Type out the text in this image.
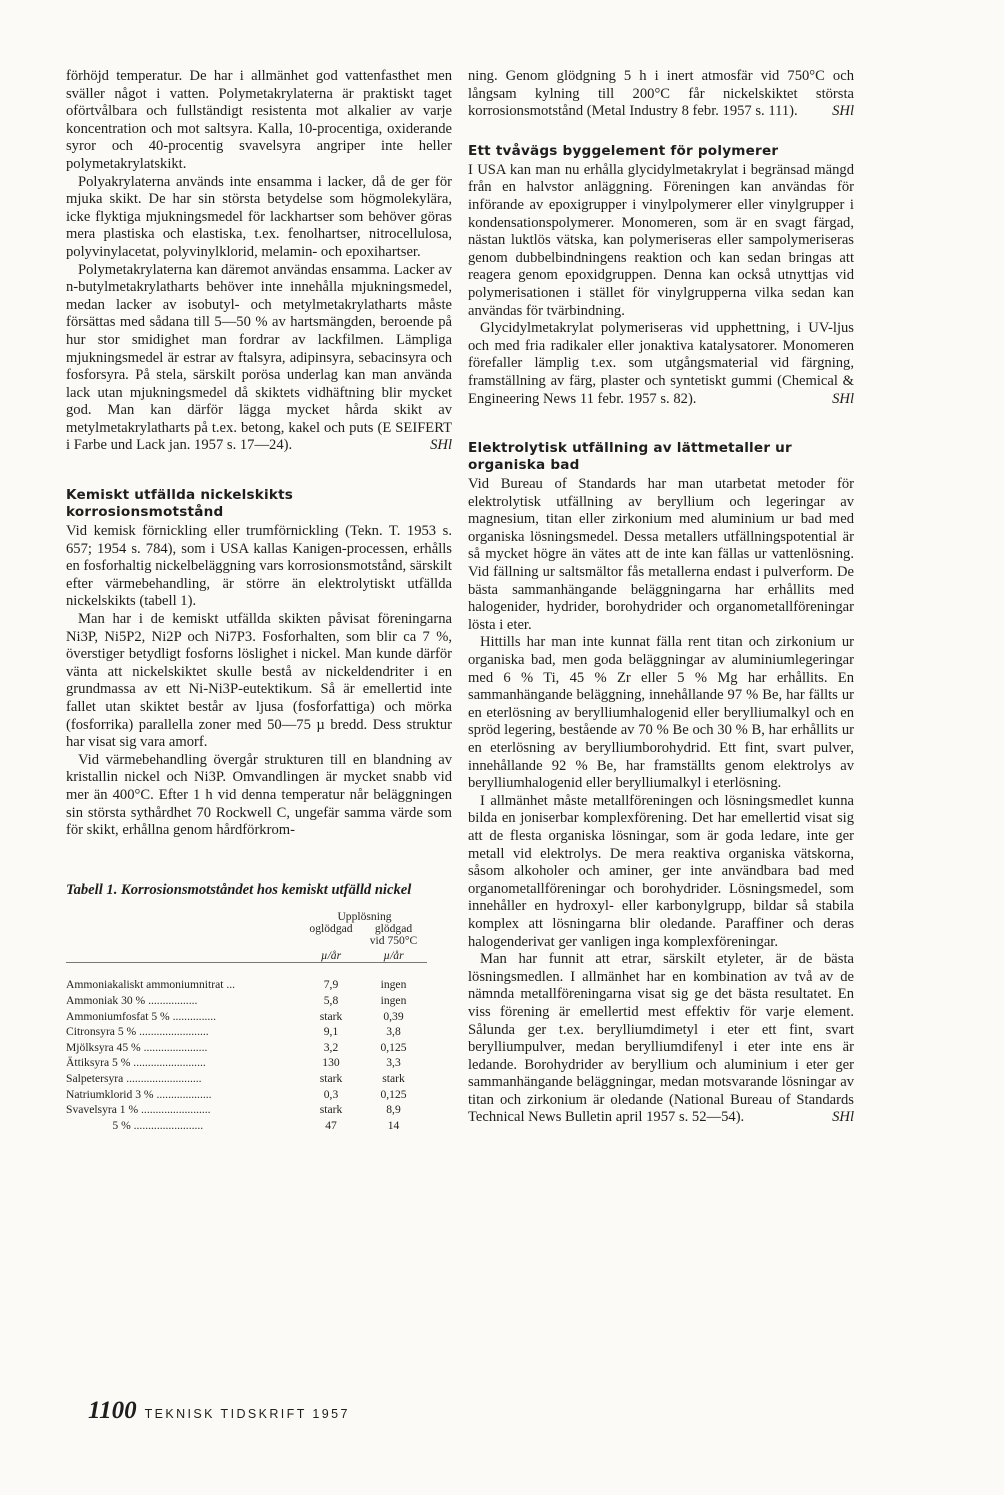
förhöjd temperatur. De har i allmänhet god vattenfasthet men sväller något i vatten. Polymetakrylaterna är praktiskt taget oförtvålbara och fullständigt resistenta mot alkalier av varje koncentration och mot saltsyra. Kalla, 10-procentiga, oxiderande syror och 40-procentig svavelsyra angriper inte heller polymetakrylatskikt.

Polyakrylaterna används inte ensamma i lacker, då de ger för mjuka skikt. De har sin största betydelse som högmolekylära, icke flyktiga mjukningsmedel för lackhartser som behöver göras mera plastiska och elastiska, t.ex. fenolhartser, nitrocellulosa, polyvinylacetat, polyvinylklorid, melamin- och epoxihartser.

Polymetakrylaterna kan däremot användas ensamma. Lacker av n-butylmetakrylatharts behöver inte innehålla mjukningsmedel, medan lacker av isobutyl- och metylmetakrylatharts måste försättas med sådana till 5—50 % av hartsmängden, beroende på hur stor smidighet man fordrar av lackfilmen. Lämpliga mjukningsmedel är estrar av ftalsyra, adipinsyra, sebacinsyra och fosforsyra. På stela, särskilt porösa underlag kan man använda lack utan mjukningsmedel då skiktets vidhäftning blir mycket god. Man kan därför lägga mycket hårda skikt av metylmetakrylatharts på t.ex. betong, kakel och puts (E SEIFERT i Farbe und Lack jan. 1957 s. 17—24).	SHl

Kemiskt utfällda nickelskikts korrosionsmotstånd

Vid kemisk förnickling eller trumförnickling (Tekn. T. 1953 s. 657; 1954 s. 784), som i USA kallas Kanigen-processen, erhålls en fosforhaltig nickelbeläggning vars korrosionsmotstånd, särskilt efter värmebehandling, är större än elektrolytiskt utfällda nickelskikts (tabell 1).

Man har i de kemiskt utfällda skikten påvisat föreningarna Ni3P, Ni5P2, Ni2P och Ni7P3. Fosforhalten, som blir ca 7 %, överstiger betydligt fosforns löslighet i nickel. Man kunde därför vänta att nickelskiktet skulle bestå av nickeldendriter i en grundmassa av ett Ni-Ni3P-eutektikum. Så är emellertid inte fallet utan skiktet består av ljusa (fosforfattiga) och mörka (fosforrika) parallella zoner med 50—75 µ bredd. Dess struktur har visat sig vara amorf.

Vid värmebehandling övergår strukturen till en blandning av kristallin nickel och Ni3P. Omvandlingen är mycket snabb vid mer än 400°C. Efter 1 h vid denna temperatur når beläggningen sin största sythårdhet 70 Rockwell C, ungefär samma värde som för skikt, erhållna genom hårdförkrom-

Tabell 1. Korrosionsmotståndet hos kemiskt utfälld nickel
	Upplösning	
	oglödgad	glödgad
		vid 750°C
	µ/år	µ/år

Ammoniakaliskt ammoniumnitrat ...	7,9	ingen
Ammoniak 30 % .................	5,8	ingen
Ammoniumfosfat 5 % ...............	stark	0,39
Citronsyra 5 % ........................	9,1	3,8
Mjölksyra 45 % ......................	3,2	0,125
Ättiksyra 5 % .........................	130	3,3
Salpetersyra ..........................	stark	stark
Natriumklorid 3 % ...................	0,3	0,125
Svavelsyra 1 % ........................	stark	8,9
5 % ........................	47	14

ning. Genom glödgning 5 h i inert atmosfär vid 750°C och långsam kylning till 200°C får nickelskiktet största korrosionsmotstånd (Metal Industry 8 febr. 1957 s. 111). SHl

Ett tvåvägs byggelement för polymerer

I USA kan man nu erhålla glycidylmetakrylat i begränsad mängd från en halvstor anläggning. Föreningen kan användas för införande av epoxigrupper i vinylpolymerer eller vinylgrupper i kondensationspolymerer. Monomeren, som är en svagt färgad, nästan luktlös vätska, kan polymeriseras eller sampolymeriseras genom dubbelbindningens reaktion och kan sedan bringas att reagera genom epoxidgruppen. Denna kan också utnyttjas vid polymerisationen i stället för vinylgrupperna vilka sedan kan användas för tvärbindning.

Glycidylmetakrylat polymeriseras vid upphettning, i UV-ljus och med fria radikaler eller jonaktiva katalysatorer. Monomeren förefaller lämplig t.ex. som utgångsmaterial vid färgning, framställning av färg, plaster och syntetiskt gummi (Chemical & Engineering News 11 febr. 1957 s. 82).	SHl

Elektrolytisk utfällning av lättmetaller ur organiska bad

Vid Bureau of Standards har man utarbetat metoder för elektrolytisk utfällning av beryllium och legeringar av magnesium, titan eller zirkonium med aluminium ur bad med organiska lösningsmedel. Dessa metallers utfällningspotential är så mycket högre än vätes att de inte kan fällas ur vattenlösning. Vid fällning ur saltsmältor fås metallerna endast i pulverform. De bästa sammanhängande beläggningarna har erhållits med halogenider, hydrider, borohydrider och organometallföreningar lösta i eter.

Hittills har man inte kunnat fälla rent titan och zirkonium ur organiska bad, men goda beläggningar av aluminiumlegeringar med 6 % Ti, 45 % Zr eller 5 % Mg har erhållits. En sammanhängande beläggning, innehållande 97 % Be, har fällts ur en eterlösning av berylliumhalogenid eller berylliumalkyl och en spröd legering, bestående av 70 % Be och 30 % B, har erhållits ur en eterlösning av berylliumborohydrid. Ett fint, svart pulver, innehållande 92 % Be, har framställts genom elektrolys av berylliumhalogenid eller berylliumalkyl i eterlösning.

I allmänhet måste metallföreningen och lösningsmedlet kunna bilda en joniserbar komplexförening. Det har emellertid visat sig att de flesta organiska lösningar, som är goda ledare, inte ger metall vid elektrolys. De mera reaktiva organiska vätskorna, såsom alkoholer och aminer, ger inte användbara bad med organometallföreningar och borohydrider. Lösningsmedel, som innehåller en hydroxyl- eller karbonylgrupp, bildar så stabila komplex att lösningarna blir oledande. Paraffiner och deras halogenderivat ger vanligen inga komplexföreningar.

Man har funnit att etrar, särskilt etyleter, är de bästa lösningsmedlen. I allmänhet har en kombination av två av de nämnda metallföreningarna visat sig ge det bästa resultatet. En viss förening är emellertid mest effektiv för varje element. Sålunda ger t.ex. berylliumdimetyl i eter ett fint, svart berylliumpulver, medan berylliumdifenyl i eter inte ens är ledande. Borohydrider av beryllium och aluminium i eter ger sammanhängande beläggningar, medan motsvarande lösningar av titan och zirkonium är oledande (National Bureau of Standards Technical News Bulletin april 1957 s. 52—54).	SHl

1100 TEKNISK TIDSKRIFT 1957
